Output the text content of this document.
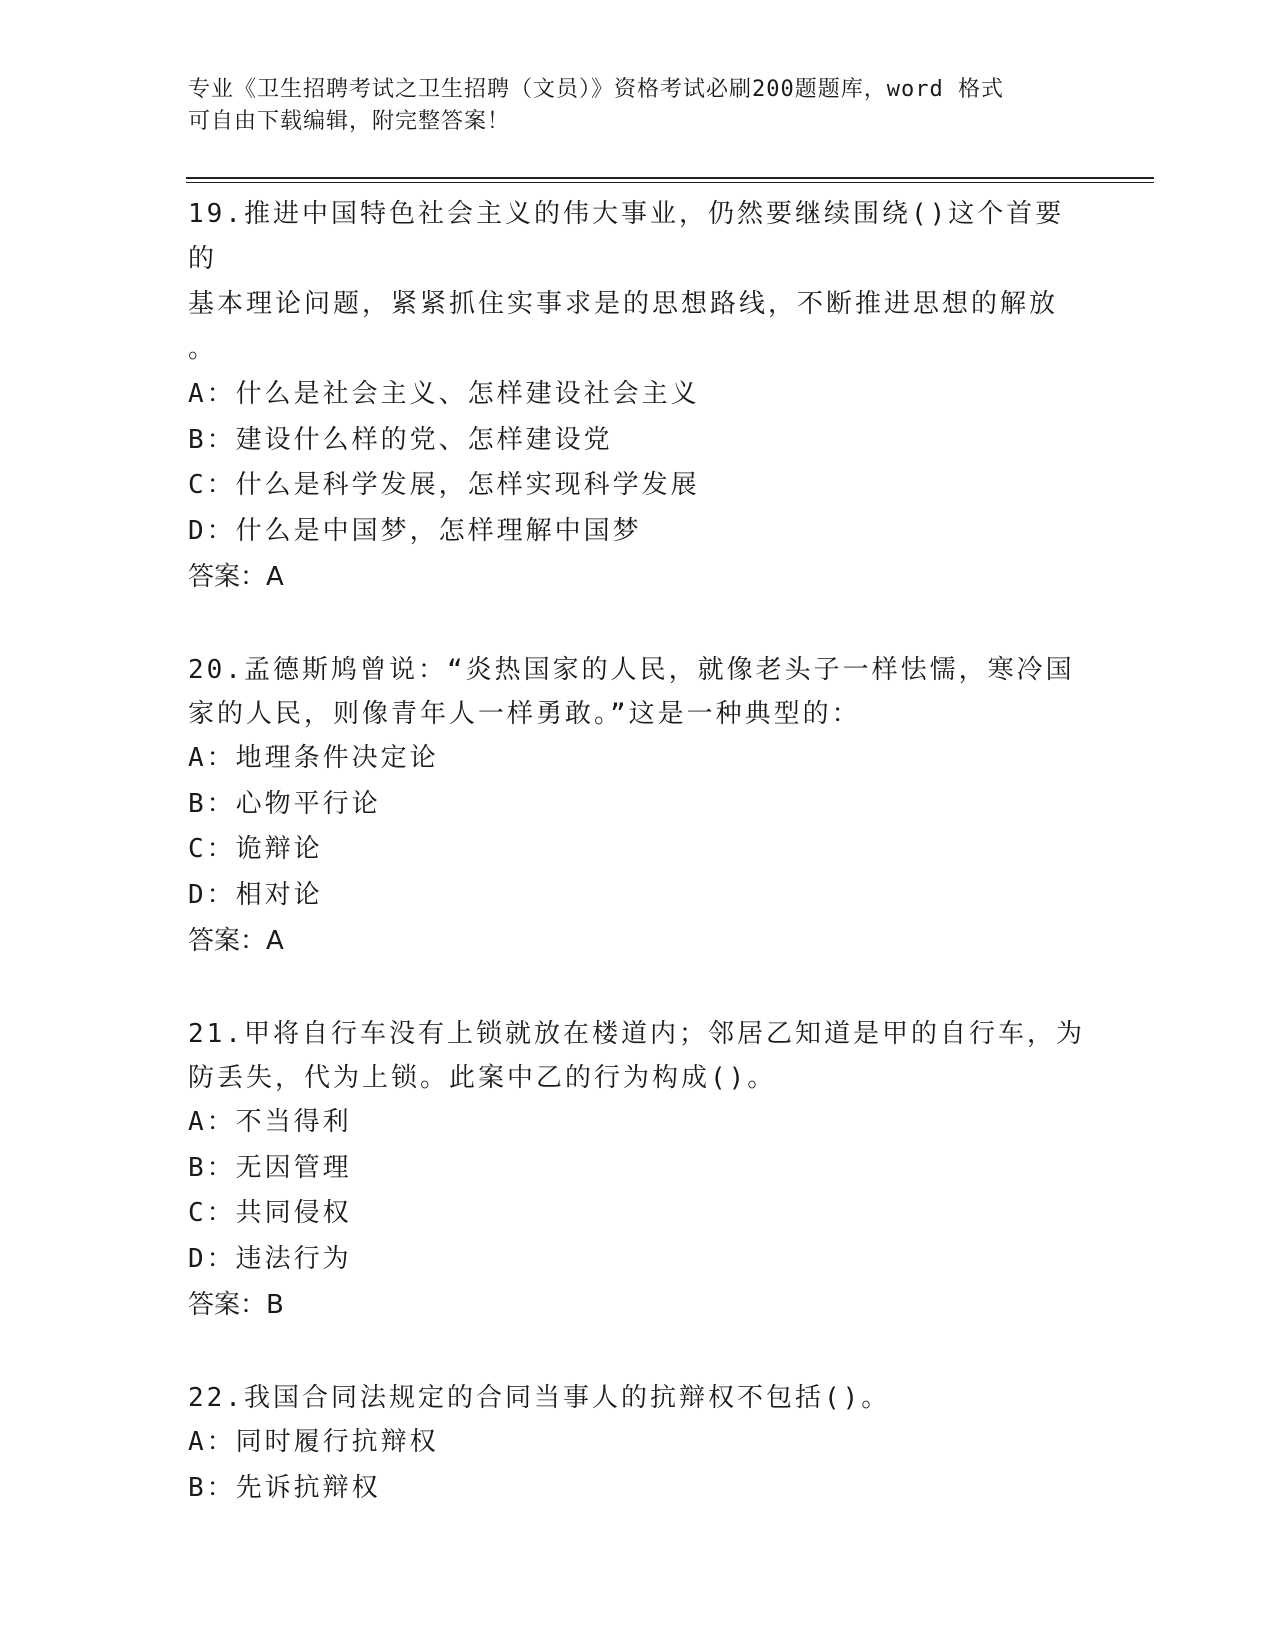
专业《卫生招聘考试之卫生招聘（文员）》资格考试必刷200题题库，word 格式
可自由下载编辑，附完整答案！

19.推进中国特色社会主义的伟大事业，仍然要继续围绕()这个首要的

基本理论问题，紧紧抓住实事求是的思想路线，不断推进思想的解放

。

A：什么是社会主义、怎样建设社会主义

B：建设什么样的党、怎样建设党

C：什么是科学发展，怎样实现科学发展

D：什么是中国梦，怎样理解中国梦

答案：A

20.孟德斯鸠曾说：“炎热国家的人民，就像老头子一样怯懦，寒冷国

家的人民，则像青年人一样勇敢。”这是一种典型的：

A：地理条件决定论

B：心物平行论

C：诡辩论

D：相对论

答案：A

21.甲将自行车没有上锁就放在楼道内；邻居乙知道是甲的自行车，为

防丢失，代为上锁。此案中乙的行为构成()。

A：不当得利

B：无因管理

C：共同侵权

D：违法行为

答案：B

22.我国合同法规定的合同当事人的抗辩权不包括()。

A：同时履行抗辩权

B：先诉抗辩权
